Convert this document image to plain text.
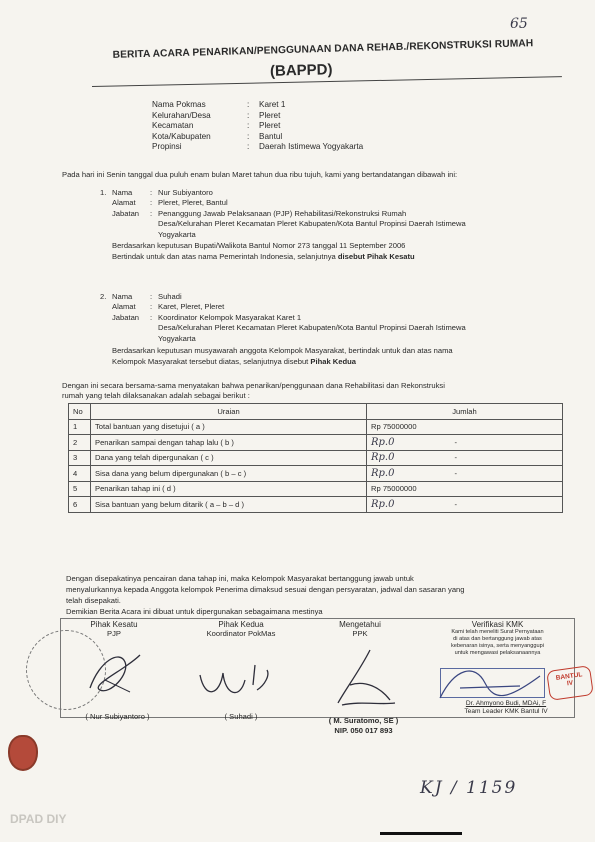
65
BERITA ACARA PENARIKAN/PENGGUNAAN DANA REHAB./REKONSTRUKSI RUMAH
(BAPPD)
Nama Pokmas	:	Karet 1
Kelurahan/Desa	:	Pleret
Kecamatan	:	Pleret
Kota/Kabupaten	:	Bantul
Propinsi	:	Daerah Istimewa Yogyakarta
Pada hari ini Senin tanggal dua puluh enam bulan Maret tahun dua ribu tujuh, kami yang bertandatangan dibawah ini:
1. Nama	: Nur Subiyantoro
Alamat	: Pleret, Pleret, Bantul
Jabatan	: Penanggung Jawab Pelaksanaan (PJP) Rehabilitasi/Rekonstruksi Rumah
Desa/Kelurahan Pleret Kecamatan Pleret Kabupaten/Kota Bantul Propinsi Daerah Istimewa
Yogyakarta
Berdasarkan keputusan Bupati/Walikota Bantul Nomor 273 tanggal 11 September 2006
Bertindak untuk dan atas nama Pemerintah Indonesia, selanjutnya disebut Pihak Kesatu
2. Nama	: Suhadi
Alamat	: Karet, Pleret, Pleret
Jabatan	: Koordinator Kelompok Masyarakat Karet 1
Desa/Kelurahan Pleret Kecamatan Pleret Kabupaten/Kota Bantul Propinsi Daerah Istimewa
Yogyakarta
Berdasarkan keputusan musyawarah anggota Kelompok Masyarakat, bertindak untuk dan atas nama
Kelompok Masyarakat tersebut diatas, selanjutnya disebut Pihak Kedua
Dengan ini secara bersama-sama menyatakan bahwa penarikan/penggunaan dana Rehabilitasi dan Rekonstruksi
rumah yang telah dilaksanakan adalah sebagai berikut :
No	Uraian	Jumlah
1	Total bantuan yang disetujui ( a )	Rp 75000000
2	Penarikan sampai dengan tahap lalu ( b )	Rp.0 -
3	Dana yang telah dipergunakan ( c )	Rp.0 -
4	Sisa dana yang belum dipergunakan ( b – c )	Rp.0 -
5	Penarikan tahap ini ( d )	Rp 75000000
6	Sisa bantuan yang belum ditarik ( a – b – d )	Rp.0 -
Dengan disepakatinya pencairan dana tahap ini, maka Kelompok Masyarakat bertanggung jawab untuk
menyalurkannya kepada Anggota kelompok Penerima dimaksud sesuai dengan persyaratan, jadwal dan sasaran yang
telah disepakati.
Demikian Berita Acara ini dibuat untuk dipergunakan sebagaimana mestinya
Pihak Kesatu
PJP
( Nur Subiyantoro )
Pihak Kedua
Koordinator PokMas
( Suhadi )
Mengetahui
PPK
( M. Suratomo, SE )
NIP. 050 017 893
Verifikasi KMK
Kami telah meneliti Surat Pernyataan
di atas dan bertanggung jawab atas
kebenaran isinya, serta menyanggupi
untuk mengawasi pelaksanaannya
Dr. Ahmyono Budi, MDAi, F
Team Leader KMK Bantul IV
BANTUL
IV
KJ / 1159
DPAD DIY
